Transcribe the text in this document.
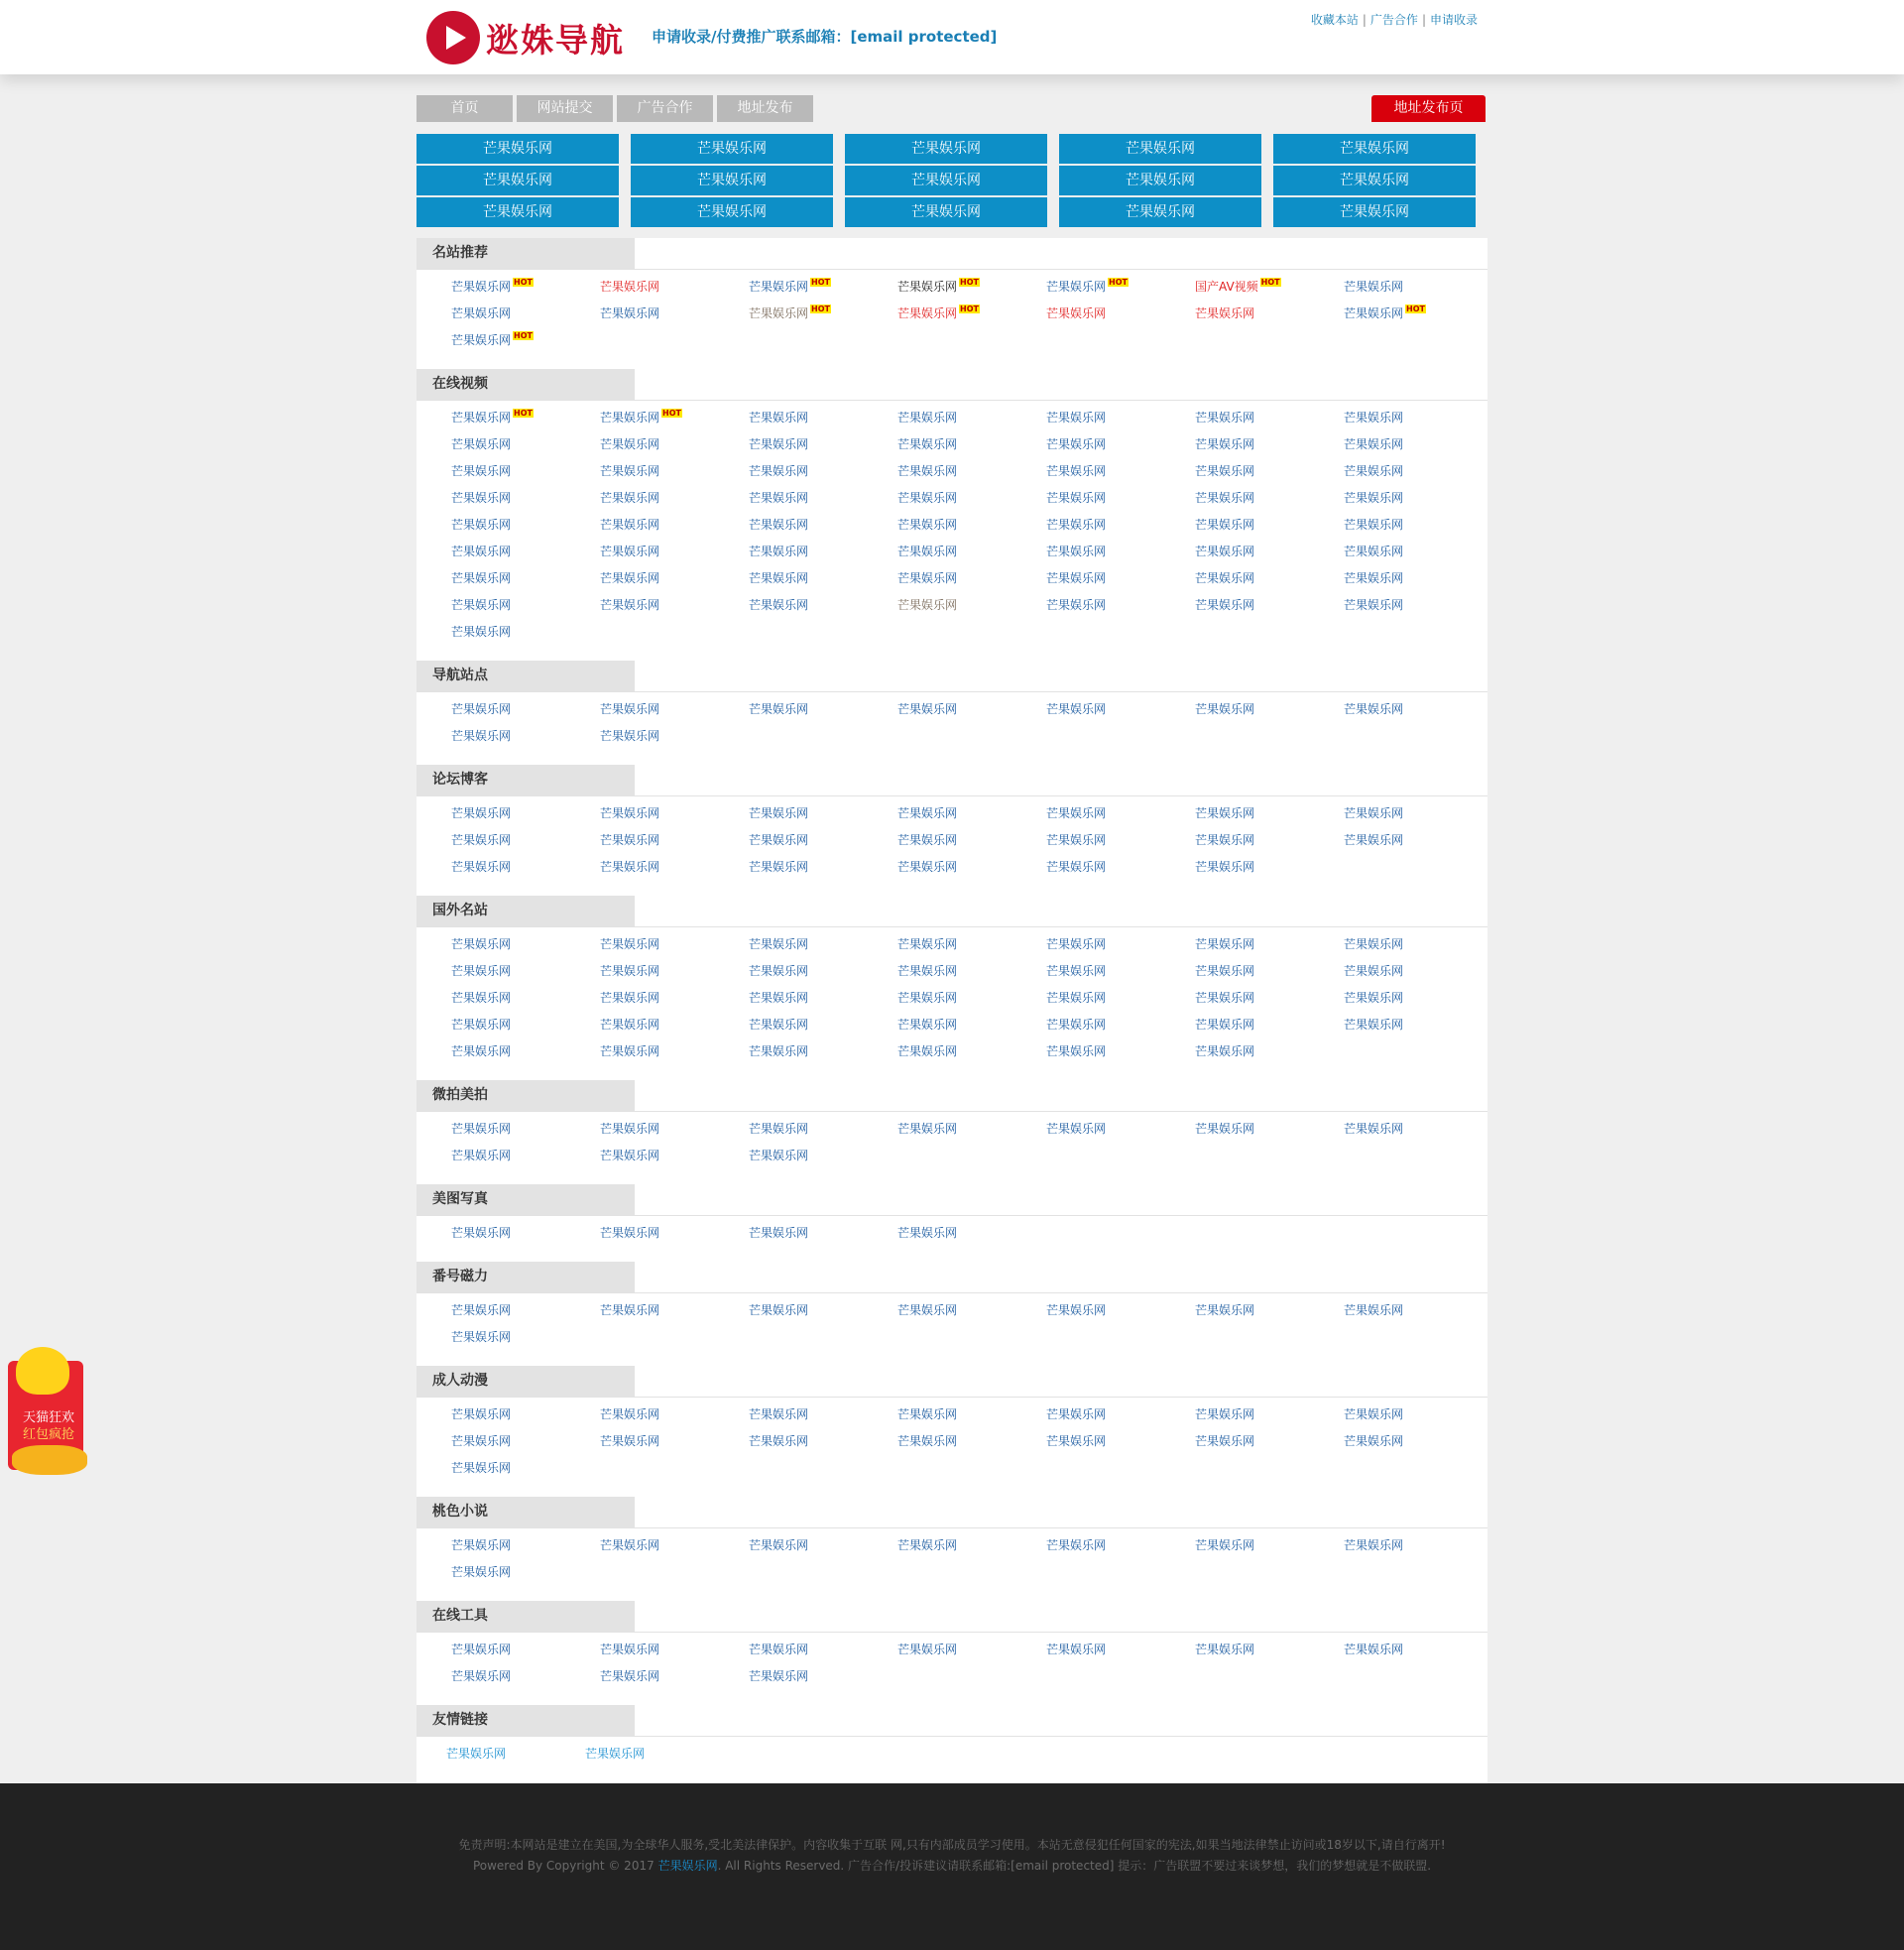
逖姝导航 申请收录/付费推广联系邮箱：[email protected]
收藏本站 | 广告合作 | 申请收录
首页	网站提交	广告合作	地址发布	地址发布页
芒果娱乐网	芒果娱乐网	芒果娱乐网	芒果娱乐网	芒果娱乐网
芒果娱乐网	芒果娱乐网	芒果娱乐网	芒果娱乐网	芒果娱乐网
芒果娱乐网	芒果娱乐网	芒果娱乐网	芒果娱乐网	芒果娱乐网
名站推荐
芒果娱乐网 HOT	芒果娱乐网	芒果娱乐网 HOT	芒果娱乐网 HOT	芒果娱乐网 HOT	国产AV视频 HOT	芒果娱乐网
芒果娱乐网	芒果娱乐网	芒果娱乐网 HOT	芒果娱乐网 HOT	芒果娱乐网	芒果娱乐网	芒果娱乐网 HOT
芒果娱乐网 HOT
在线视频
芒果娱乐网 HOT	芒果娱乐网 HOT	芒果娱乐网	芒果娱乐网	芒果娱乐网	芒果娱乐网	芒果娱乐网
芒果娱乐网	芒果娱乐网	芒果娱乐网	芒果娱乐网	芒果娱乐网	芒果娱乐网	芒果娱乐网
芒果娱乐网	芒果娱乐网	芒果娱乐网	芒果娱乐网	芒果娱乐网	芒果娱乐网	芒果娱乐网
芒果娱乐网	芒果娱乐网	芒果娱乐网	芒果娱乐网	芒果娱乐网	芒果娱乐网	芒果娱乐网
芒果娱乐网	芒果娱乐网	芒果娱乐网	芒果娱乐网	芒果娱乐网	芒果娱乐网	芒果娱乐网
芒果娱乐网	芒果娱乐网	芒果娱乐网	芒果娱乐网	芒果娱乐网	芒果娱乐网	芒果娱乐网
芒果娱乐网	芒果娱乐网	芒果娱乐网	芒果娱乐网	芒果娱乐网	芒果娱乐网	芒果娱乐网
芒果娱乐网	芒果娱乐网	芒果娱乐网	芒果娱乐网	芒果娱乐网	芒果娱乐网	芒果娱乐网
芒果娱乐网
导航站点
芒果娱乐网	芒果娱乐网	芒果娱乐网	芒果娱乐网	芒果娱乐网	芒果娱乐网	芒果娱乐网
芒果娱乐网	芒果娱乐网
论坛博客
芒果娱乐网	芒果娱乐网	芒果娱乐网	芒果娱乐网	芒果娱乐网	芒果娱乐网	芒果娱乐网
芒果娱乐网	芒果娱乐网	芒果娱乐网	芒果娱乐网	芒果娱乐网	芒果娱乐网	芒果娱乐网
芒果娱乐网	芒果娱乐网	芒果娱乐网	芒果娱乐网	芒果娱乐网	芒果娱乐网
国外名站
芒果娱乐网	芒果娱乐网	芒果娱乐网	芒果娱乐网	芒果娱乐网	芒果娱乐网	芒果娱乐网
芒果娱乐网	芒果娱乐网	芒果娱乐网	芒果娱乐网	芒果娱乐网	芒果娱乐网	芒果娱乐网
芒果娱乐网	芒果娱乐网	芒果娱乐网	芒果娱乐网	芒果娱乐网	芒果娱乐网	芒果娱乐网
芒果娱乐网	芒果娱乐网	芒果娱乐网	芒果娱乐网	芒果娱乐网	芒果娱乐网	芒果娱乐网
芒果娱乐网	芒果娱乐网	芒果娱乐网	芒果娱乐网	芒果娱乐网	芒果娱乐网
微拍美拍
芒果娱乐网	芒果娱乐网	芒果娱乐网	芒果娱乐网	芒果娱乐网	芒果娱乐网	芒果娱乐网
芒果娱乐网	芒果娱乐网	芒果娱乐网
美图写真
芒果娱乐网	芒果娱乐网	芒果娱乐网	芒果娱乐网
番号磁力
芒果娱乐网	芒果娱乐网	芒果娱乐网	芒果娱乐网	芒果娱乐网	芒果娱乐网	芒果娱乐网
芒果娱乐网
成人动漫
芒果娱乐网	芒果娱乐网	芒果娱乐网	芒果娱乐网	芒果娱乐网	芒果娱乐网	芒果娱乐网
芒果娱乐网	芒果娱乐网	芒果娱乐网	芒果娱乐网	芒果娱乐网	芒果娱乐网	芒果娱乐网
芒果娱乐网
桃色小说
芒果娱乐网	芒果娱乐网	芒果娱乐网	芒果娱乐网	芒果娱乐网	芒果娱乐网	芒果娱乐网
芒果娱乐网
在线工具
芒果娱乐网	芒果娱乐网	芒果娱乐网	芒果娱乐网	芒果娱乐网	芒果娱乐网	芒果娱乐网
芒果娱乐网	芒果娱乐网	芒果娱乐网
友情链接
芒果娱乐网	芒果娱乐网

免责声明:本网站是建立在美国,为全球华人服务,受北美法律保护。内容收集于互联 网,只有内部成员学习使用。本站无意侵犯任何国家的宪法,如果当地法律禁止访问或18岁以下,请自行离开!

Powered By Copyright © 2017 芒果娱乐网. All Rights Reserved. 广告合作/投诉建议请联系邮箱:[email protected] 提示：广告联盟不要过来谈梦想，我们的梦想就是不做联盟.

天猫狂欢
红包疯抢
